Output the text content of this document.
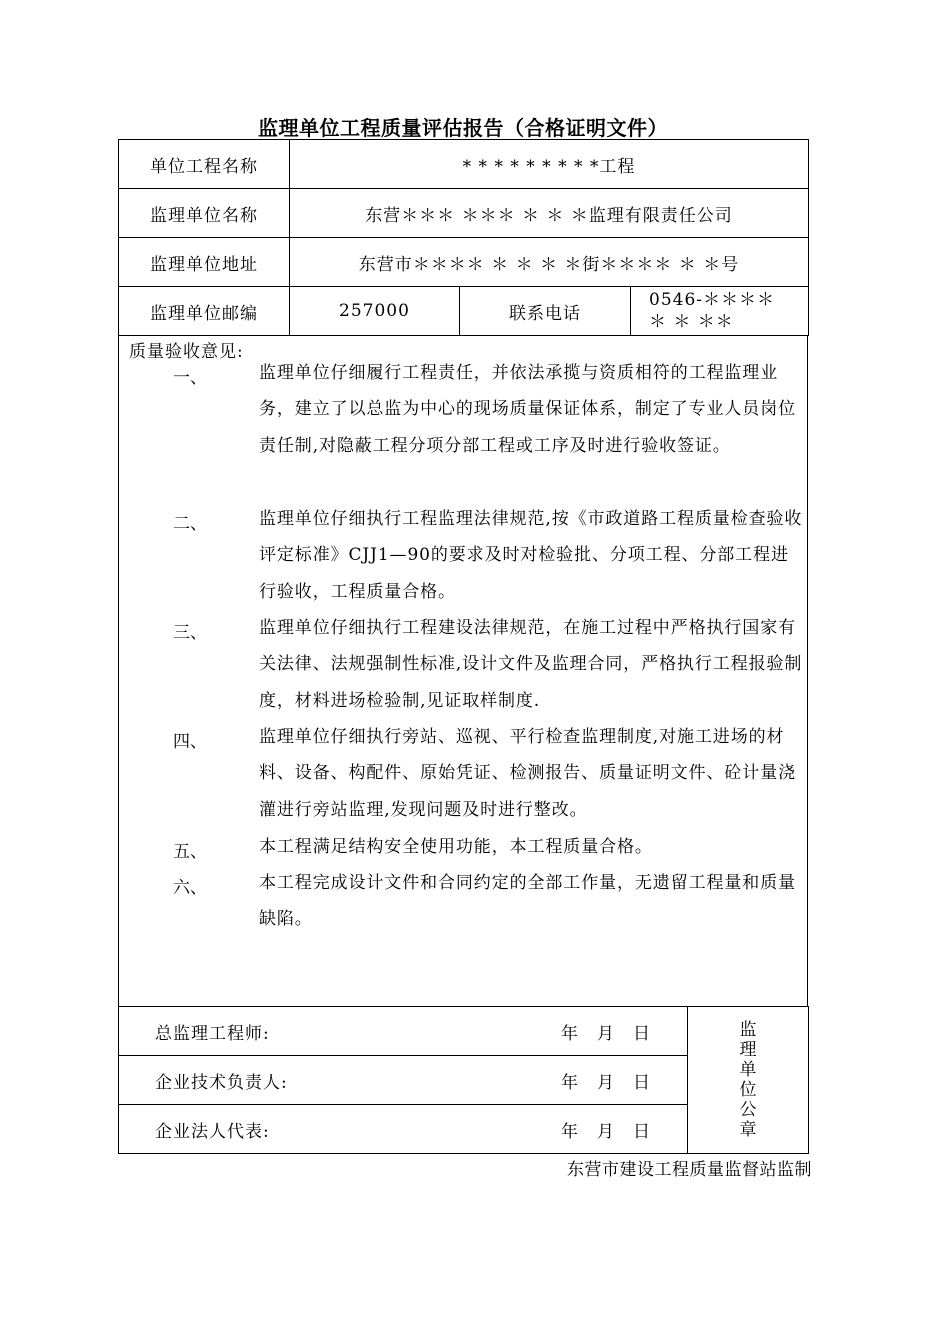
监理单位工程质量评估报告（合格证明文件）
单位工程名称	* * * * * * * * *工程		
监理单位名称	东营＊＊＊ ＊＊＊ ＊ ＊ ＊监理有限责任公司		
监理单位地址	东营市＊＊＊＊ ＊ ＊ ＊ ＊街＊＊＊＊ ＊ ＊号		
监理单位邮编	257000	联系电话	0546-＊＊＊＊＊ ＊ ＊＊
质量验收意见:
一、	监理单位仔细履行工程责任，并依法承揽与资质相符的工程监理业务，建立了以总监为中心的现场质量保证体系，制定了专业人员岗位责任制,对隐蔽工程分项分部工程或工序及时进行验收签证。
二、	监理单位仔细执行工程监理法律规范,按《市政道路工程质量检查验收评定标准》CJJ1—90的要求及时对检验批、分项工程、分部工程进行验收，工程质量合格。
三、	监理单位仔细执行工程建设法律规范，在施工过程中严格执行国家有关法律、法规强制性标准,设计文件及监理合同，严格执行工程报验制度，材料进场检验制,见证取样制度.
四、	监理单位仔细执行旁站、巡视、平行检查监理制度,对施工进场的材料、设备、构配件、原始凭证、检测报告、质量证明文件、砼计量浇灌进行旁站监理,发现问题及时进行整改。
五、	本工程满足结构安全使用功能，本工程质量合格。
六、	本工程完成设计文件和合同约定的全部工作量，无遗留工程量和质量缺陷。
总监理工程师:	年 月 日	监理单位公章
企业技术负责人:	年 月 日	
企业法人代表:	年 月 日	
东营市建设工程质量监督站监制
